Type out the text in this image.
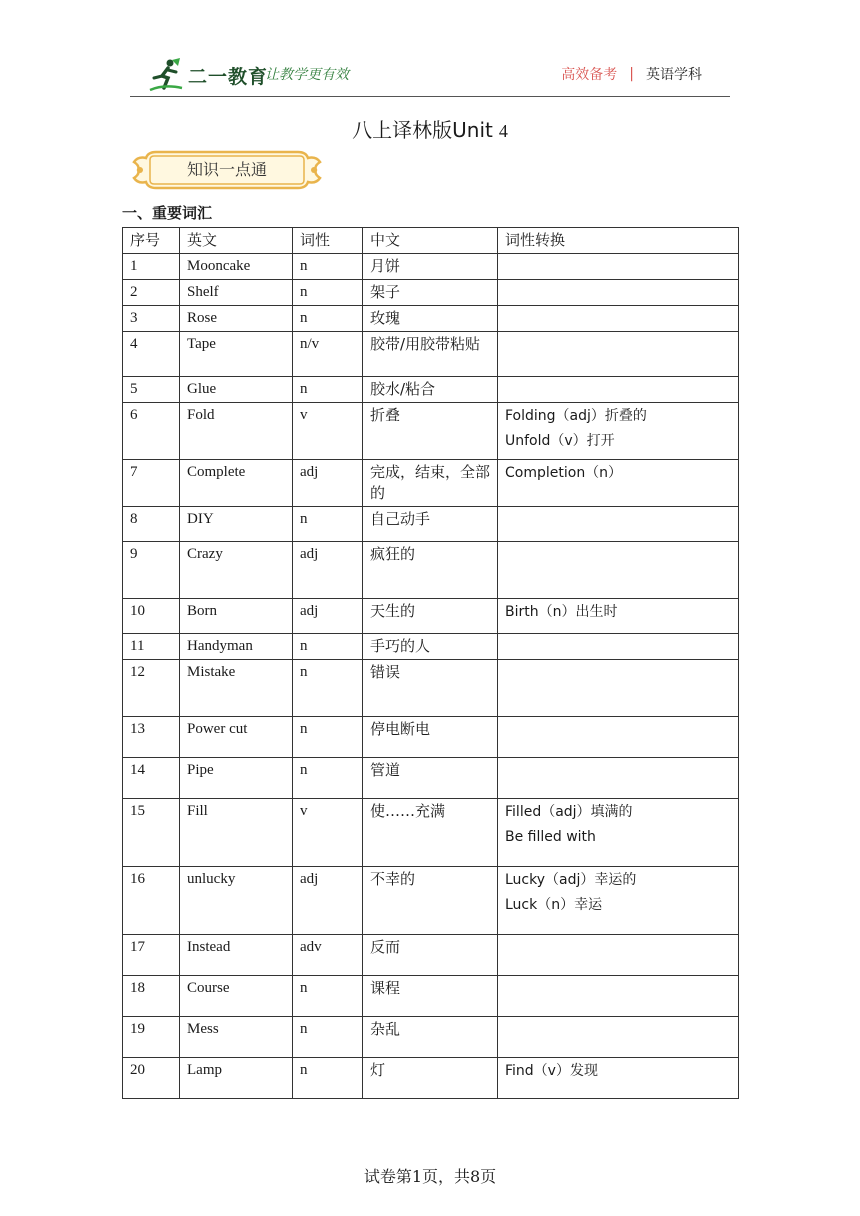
二一教育
让教学更有效	高效备考 | 英语学科
八上译林版Unit 4
知识一点通
一、重要词汇
序号	英文	词性	中文	词性转换
1	Mooncake	n	月饼	
2	Shelf	n	架子	
3	Rose	n	玫瑰	
4	Tape	n/v	胶带/用胶带粘贴	
5	Glue	n	胶水/粘合	
6	Fold	v	折叠	Folding（adj）折叠的
Unfold（v）打开

7	Complete	adj	完成，结束，全部的	Completion（n）

8	DIY	n	自己动手	
9	Crazy	adj	疯狂的	
10	Born	adj	天生的	Birth（n）出生时

11	Handyman	n	手巧的人	
12	Mistake	n	错误	
13	Power cut	n	停电断电	
14	Pipe	n	管道	
15	Fill	v	使……充满	Filled（adj）填满的
Be filled with

16	unlucky	adj	不幸的	Lucky（adj）幸运的
Luck（n）幸运

17	Instead	adv	反而	
18	Course	n	课程	
19	Mess	n	杂乱	
20	Lamp	n	灯	Find（v）发现
试卷第1页，共8页
